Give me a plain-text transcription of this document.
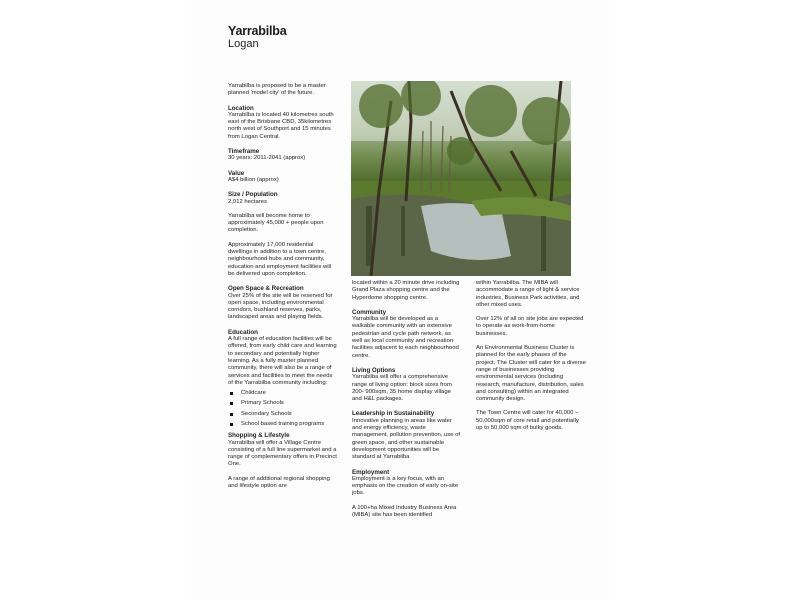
Yarrabilba
Logan

Yarrabilba is proposed to be a master planned 'model city' of the future.

Location

Yarrabilba is located 40 kilometres south east of the Brisbane CBD, 35kilometres north west of Southport and 15 minutes from Logan Central.

Timeframe

30 years: 2011-2041 (approx)

Value

A$4 billion (approx)

Size / Population

2,012 hectares

Yarrabilba will become home to approximately 45,000 + people upon completion.

Approximately 17,000 residential dwellings in addition to a town centre, neighbourhood hubs and community, education and employment facilities will be delivered upon completion.

Open Space & Recreation

Over 25% of the site will be reserved for open space, including environmental corridors, bushland reserves, parks, landscaped areas and playing fields.

Education

A full range of education facilities will be offered, from early child care and learning to secondary and potentially higher learning. As a fully master planned community, there will also be a range of services and facilities to meet the needs of the Yarrabilba community including:

Childcare
Primary Schools
Secondary Schools
School based training programs
Shopping & Lifestyle

Yarrabilba will offer a Village Centre consisting of a full line supermarket and a range of complementary offers in Precinct One.

A range of additional regional shopping and lifestyle option are

located within a 20 minute drive including Grand Plaza shopping centre and the Hyperdome shopping centre.

Community

Yarrabilba will be developed as a walkable community with an extensive pedestrian and cycle path network, as well as local community and recreation facilities adjacent to each neighbourhood centre.

Living Options

Yarrabilba will offer a comprehensive range of living option: block sizes from 200- 900sqm, 35 home display village and H&L packages.

Leadership in Sustainability

Innovative planning in areas like water and energy efficiency, waste management, pollution prevention, use of green space, and other sustainable development opportunities will be standard at Yarrabilba

Employment

Employment is a key focus, with an emphasis on the creation of early on-site jobs.

A 100+ha Mixed Industry Business Area (MIBA) site has been identified

within Yarrabilba. The MIBA will accommodate a range of light & service industries, Business Park activities, and other mixed uses.

Over 12% of all on site jobs are expected to operate as work-from-home businesses.

An Environmental Business Cluster is planned for the early phases of the project. The Cluster will cater for a diverse range of businesses providing environmental services (including research, manufacture, distribution, sales and consulting) within an integrated community design.

The Town Centre will cater for 40,000 – 50,000sqm of core retail and potentially up to 50,000 sqm of bulky goods.
